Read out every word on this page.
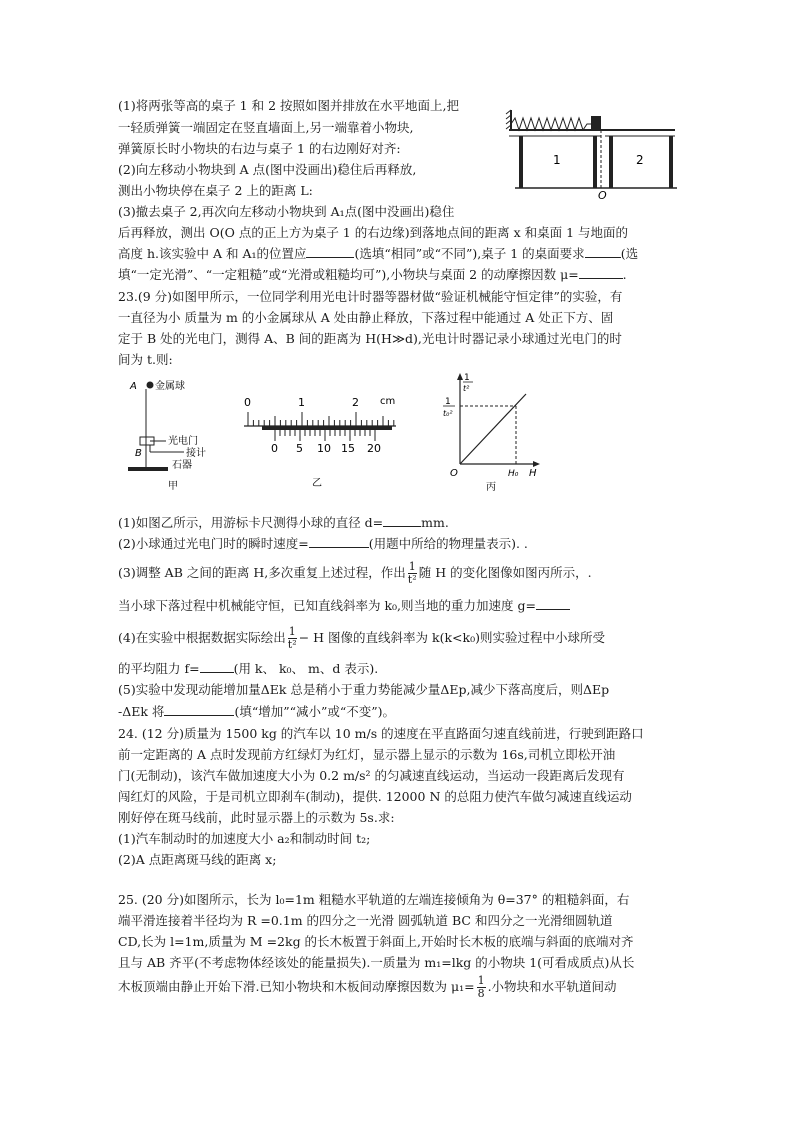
(1)将两张等高的桌子 1 和 2 按照如图并排放在水平地面上,把
一轻质弹簧一端固定在竖直墙面上,另一端靠着小物块,
弹簧原长时小物块的右边与桌子 1 的右边刚好对齐:
(2)向左移动小物块到 A 点(图中没画出)稳住后再释放,
测出小物块停在桌子 2 上的距离 L:
(3)撤去桌子 2,再次向左移动小物块到 A₁点(图中没画出)稳住
后再释放，测出 O(O 点的正上方为桌子 1 的右边缘)到落地点间的距离 x 和桌面 1 与地面的
高度 h.该实验中 A 和 A₁的位置应	(选填“相同”或“不同”),桌子 1 的桌面要求	(选
填“一定光滑”、“一定粗糙”或“光滑或粗糙均可”),小物块与桌面 2 的动摩擦因数 μ=	.
1	2
O
23.(9 分)如图甲所示，一位同学利用光电计时器等器材做“验证机械能守恒定律”的实验，有
一直径为小 质量为 m 的小金属球从 A 处由静止释放，下落过程中能通过 A 处正下方、固
定于 B 处的光电门，测得 A、B 间的距离为 H(H≫d),光电计时器记录小球通过光电门的时
间为 t.则:
A 金属球
光电门
B	接计
石器
甲
0	1	2 cm
0 5 10 15 20
乙
1
t²
1
t₀²
O	H₀ H
丙
(1)如图乙所示，用游标卡尺测得小球的直径 d=	mm.
(2)小球通过光电门时的瞬时速度=	(用题中所给的物理量表示). .
(3)调整 AB 之间的距离 H,多次重复上述过程，作出 $\frac{1}{\text{t²}}$ 随 H 的变化图像如图丙所示，.
当小球下落过程中机械能守恒，已知直线斜率为 k₀,则当地的重力加速度 g=
(4)在实验中根据数据实际绘出 $\frac{1}{\text{t²}} - H$ 图像的直线斜率为 k(k<k₀)则实验过程中小球所受
的平均阻力 f=	(用 k、 k₀、 m、d 表示).
(5)实验中发现动能增加量ΔEk 总是稍小于重力势能减少量ΔEp,减少下落高度后，则ΔEp
-ΔEk 将	(填“增加”“减小”或“不变”)。
24. (12 分)质量为 1500 kg 的汽车以 10 m/s 的速度在平直路面匀速直线前进，行驶到距路口
前一定距离的 A 点时发现前方红绿灯为红灯，显示器上显示的示数为 16s,司机立即松开油
门(无制动)，该汽车做加速度大小为 0.2 m/s² 的匀减速直线运动，当运动一段距离后发现有
闯红灯的风险，于是司机立即刹车(制动)，提供. 12000 N 的总阻力使汽车做匀减速直线运动
刚好停在斑马线前，此时显示器上的示数为 5s.求:
(1)汽车制动时的加速度大小 a₂和制动时间 t₂;
(2)A 点距离斑马线的距离 x;
25. (20 分)如图所示，长为 l₀=1m 粗糙水平轨道的左端连接倾角为 θ=37° 的粗糙斜面，右
端平滑连接着半径均为 R =0.1m 的四分之一光滑 圆弧轨道 BC 和四分之一光滑细圆轨道
CD,长为 l=1m,质量为 M =2kg 的长木板置于斜面上,开始时长木板的底端与斜面的底端对齐
且与 AB 齐平(不考虑物体经该处的能量损失).一质量为 m₁=lkg 的小物块 1(可看成质点)从长
木板顶端由静止开始下滑.已知小物块和木板间动摩擦因数为 $\mu_1= \frac{1}{8}$ .小物块和水平轨道间动
